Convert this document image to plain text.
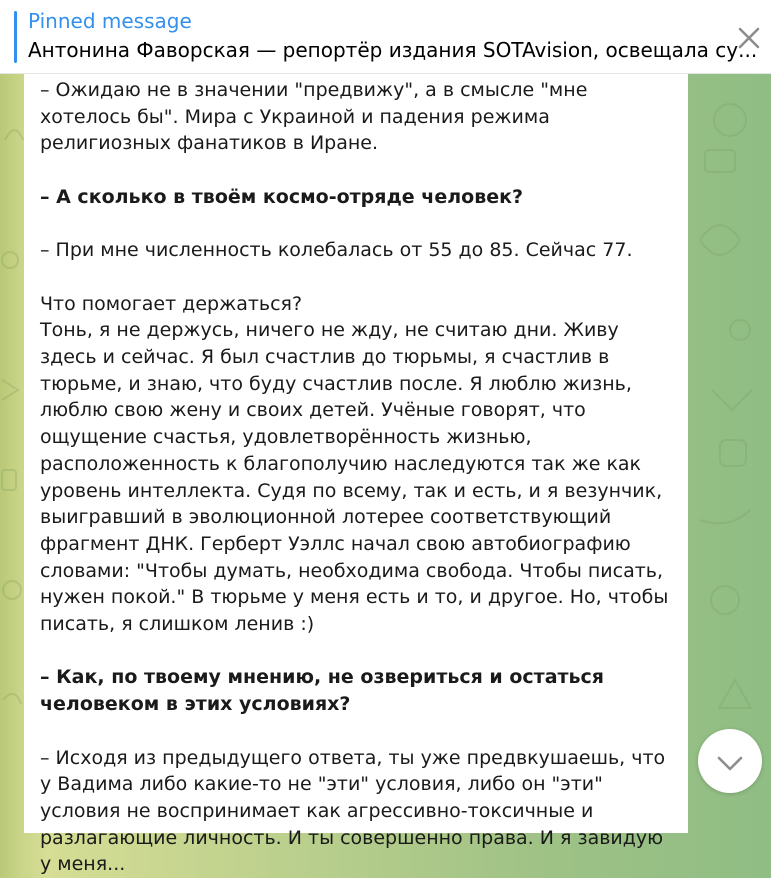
Pinned message
Антонина Фаворская — репортёр издания SOTAvision, освещала су...
– Ожидаю не в значении "предвижу", а в смысле "мне хотелось бы". Мира с Украиной и падения режима религиозных фанатиков в Иране.

– А сколько в твоём космо-отряде человек?

– При мне численность колебалась от 55 до 85. Сейчас 77.

Что помогает держаться?
Тонь, я не держусь, ничего не жду, не считаю дни. Живу здесь и сейчас. Я был счастлив до тюрьмы, я счастлив в тюрьме, и знаю, что буду счастлив после. Я люблю жизнь, люблю свою жену и своих детей. Учёные говорят, что ощущение счастья, удовлетворённость жизнью, расположенность к благополучию наследуются так же как уровень интеллекта. Судя по всему, так и есть, и я везунчик, выигравший в эволюционной лотерее соответствующий фрагмент ДНК. Герберт Уэллс начал свою автобиографию словами: "Чтобы думать, необходима свобода. Чтобы писать, нужен покой." В тюрьме у меня есть и то, и другое. Но, чтобы писать, я слишком ленив :)

– Как, по твоему мнению, не озвериться и остаться человеком в этих условиях?

– Исходя из предыдущего ответа, ты уже предвкушаешь, что у Вадима либо какие-то не "эти" условия, либо он "эти" условия не воспринимает как агрессивно-токсичные и разлагающие личность. И ты совершенно права. И я завидую у меня...
